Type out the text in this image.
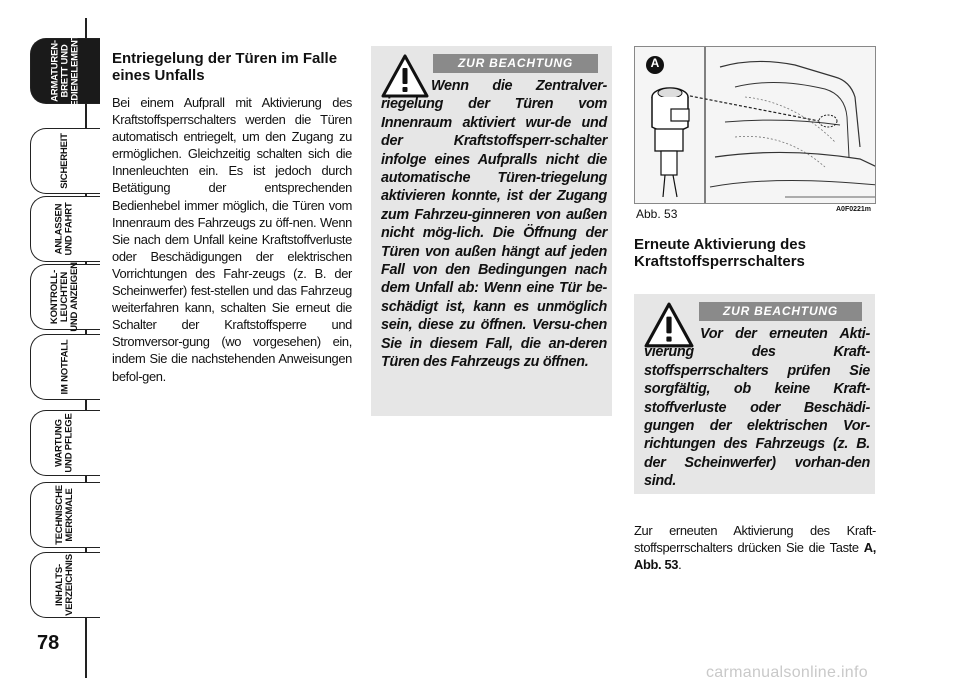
ARMATUREN-
BRETT UND
BEDIENELEMENTE
SICHERHEIT
ANLASSEN
UND FAHRT
KONTROLL-
LEUCHTEN
UND ANZEIGEN
IM NOTFALL
WARTUNG
UND PFLEGE
TECHNISCHE
MERKMALE
INHALTS-
VERZEICHNIS
78
Entriegelung der Türen im Falle eines Unfalls
Bei einem Aufprall mit Aktivierung des Kraftstoffsperrschalters werden die Türen automatisch entriegelt, um den Zugang zu ermöglichen. Gleichzeitig schalten sich die Innenleuchten ein. Es ist jedoch durch Betätigung der entsprechenden Bedienhebel immer möglich, die Türen vom Innenraum des Fahrzeugs zu öff-nen. Wenn Sie nach dem Unfall keine Kraftstoffverluste oder Beschädigungen der elektrischen Vorrichtungen des Fahr-zeugs (z. B. der Scheinwerfer) fest-stellen und das Fahrzeug weiterfahren kann, schalten Sie erneut die Schalter der Kraftstoffsperre und Stromversor-gung (wo vorgesehen) ein, indem Sie die nachstehenden Anweisungen befol-gen.
ZUR BEACHTUNG
Wenn die Zentralver-riegelung der Türen vom Innenraum aktiviert wur-de und der Kraftstoffsperr-schalter infolge eines Aufpralls nicht die automatische Türen-triegelung aktivieren konnte, ist der Zugang zum Fahrzeu-ginneren von außen nicht mög-lich. Die Öffnung der Türen von außen hängt auf jeden Fall von den Bedingungen nach dem Unfall ab: Wenn eine Tür be-schädigt ist, kann es unmöglich sein, diese zu öffnen. Versu-chen Sie in diesem Fall, die an-deren Türen des Fahrzeugs zu öffnen.
A
Abb. 53	A0F0221m
Erneute Aktivierung des Kraftstoffsperrschalters
ZUR BEACHTUNG
Vor der erneuten Akti-vierung des Kraft-stoffsperrschalters prüfen Sie sorgfältig, ob keine Kraft-stoffverluste oder Beschädi-gungen der elektrischen Vor-richtungen des Fahrzeugs (z. B. der Scheinwerfer) vorhan-den sind.
Zur erneuten Aktivierung des Kraft-stoffsperrschalters drücken Sie die Taste A, Abb. 53.
carmanualsonline.info
